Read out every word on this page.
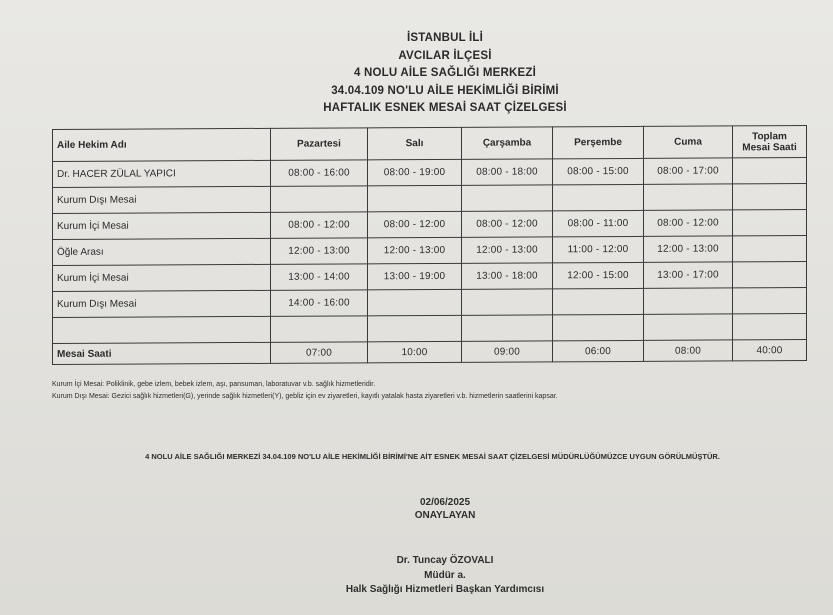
İSTANBUL İLİ
AVCILAR İLÇESİ
4 NOLU AİLE SAĞLIĞI MERKEZİ
34.04.109 NO'LU AİLE HEKİMLİĞİ BİRİMİ
HAFTALIK ESNEK MESAİ SAAT ÇİZELGESİ
Aile Hekim Adı	Pazartesi	Salı	Çarşamba	Perşembe	Cuma	Toplam Mesai Saati
Dr. HACER ZÜLAL YAPICI	08:00 - 16:00	08:00 - 19:00	08:00 - 18:00	08:00 - 15:00	08:00 - 17:00	
Kurum Dışı Mesai						
Kurum İçi Mesai	08:00 - 12:00	08:00 - 12:00	08:00 - 12:00	08:00 - 11:00	08:00 - 12:00	
Öğle Arası	12:00 - 13:00	12:00 - 13:00	12:00 - 13:00	11:00 - 12:00	12:00 - 13:00	
Kurum İçi Mesai	13:00 - 14:00	13:00 - 19:00	13:00 - 18:00	12:00 - 15:00	13:00 - 17:00	
Kurum Dışı Mesai	14:00 - 16:00					

Mesai Saati	07:00	10:00	09:00	06:00	08:00	40:00
Kurum İçi Mesai: Poliklinik, gebe izlem, bebek izlem, aşı, pansuman, laboratuvar v.b. sağlık hizmetleridir.
Kurum Dışı Mesai: Gezici sağlık hizmetleri(G), yerinde sağlık hizmetleri(Y), gebliz için ev ziyaretleri, kayıtlı yatalak hasta ziyaretleri v.b. hizmetlerin saatlerini kapsar.
4 NOLU AİLE SAĞLIĞI MERKEZİ 34.04.109 NO'LU AİLE HEKİMLİĞİ BİRİMİ'NE AİT ESNEK MESAİ SAAT ÇİZELGESİ MÜDÜRLÜĞÜMÜZCE UYGUN GÖRÜLMÜŞTÜR.
02/06/2025
ONAYLAYAN
Dr. Tuncay ÖZOVALI
Müdür a.
Halk Sağlığı Hizmetleri Başkan Yardımcısı
